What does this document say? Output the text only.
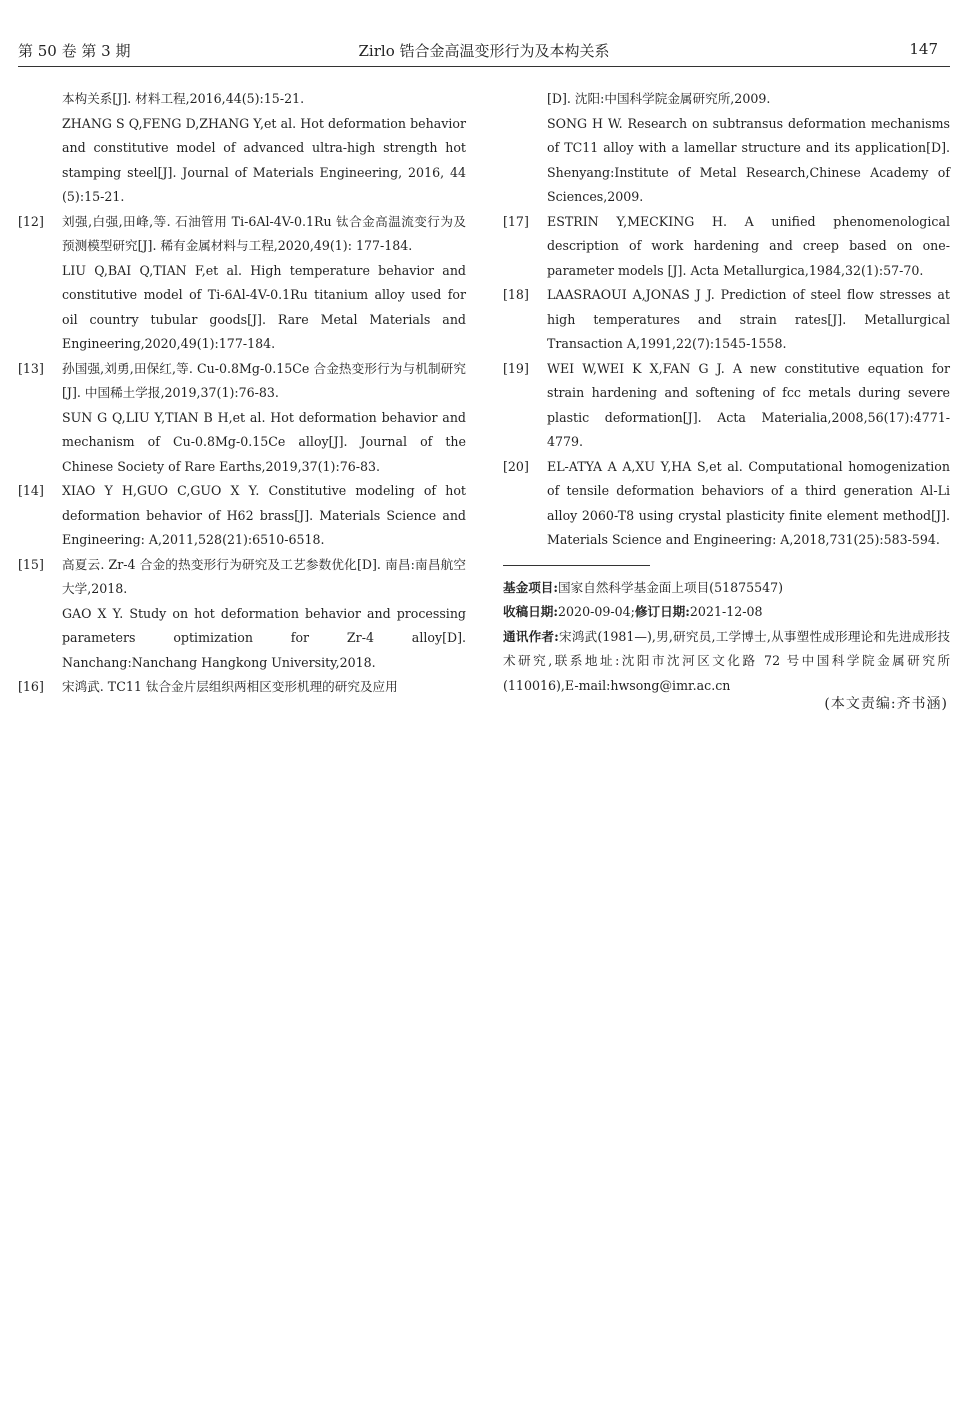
第 50 卷 第 3 期	Zirlo 锆合金高温变形行为及本构关系	147
本构关系[J]. 材料工程,2016,44(5):15-21.
ZHANG S Q,FENG D,ZHANG Y,et al. Hot deformation behavior and constitutive model of advanced ultra-high strength hot stamping steel[J]. Journal of Materials Engineering, 2016, 44 (5):15-21.
[12]	刘强,白强,田峰,等. 石油管用 Ti-6Al-4V-0.1Ru 钛合金高温流变行为及预测模型研究[J]. 稀有金属材料与工程,2020,49(1): 177-184.
LIU Q,BAI Q,TIAN F,et al. High temperature behavior and constitutive model of Ti-6Al-4V-0.1Ru titanium alloy used for oil country tubular goods[J]. Rare Metal Materials and Engineering,2020,49(1):177-184.
[13]	孙国强,刘勇,田保红,等. Cu-0.8Mg-0.15Ce 合金热变形行为与机制研究[J]. 中国稀土学报,2019,37(1):76-83.
SUN G Q,LIU Y,TIAN B H,et al. Hot deformation behavior and mechanism of Cu-0.8Mg-0.15Ce alloy[J]. Journal of the Chinese Society of Rare Earths,2019,37(1):76-83.
[14]	XIAO Y H,GUO C,GUO X Y. Constitutive modeling of hot deformation behavior of H62 brass[J]. Materials Science and Engineering: A,2011,528(21):6510-6518.
[15]	高夏云. Zr-4 合金的热变形行为研究及工艺参数优化[D]. 南昌:南昌航空大学,2018.
GAO X Y. Study on hot deformation behavior and processing parameters optimization for Zr-4 alloy[D]. Nanchang:Nanchang Hangkong University,2018.
[16]	宋鸿武. TC11 钛合金片层组织两相区变形机理的研究及应用
[D]. 沈阳:中国科学院金属研究所,2009.
SONG H W. Research on subtransus deformation mechanisms of TC11 alloy with a lamellar structure and its application[D]. Shenyang:Institute of Metal Research,Chinese Academy of Sciences,2009.
[17]	ESTRIN Y,MECKING H. A unified phenomenological description of work hardening and creep based on one-parameter models [J]. Acta Metallurgica,1984,32(1):57-70.
[18]	LAASRAOUI A,JONAS J J. Prediction of steel flow stresses at high temperatures and strain rates[J]. Metallurgical Transaction A,1991,22(7):1545-1558.
[19]	WEI W,WEI K X,FAN G J. A new constitutive equation for strain hardening and softening of fcc metals during severe plastic deformation[J]. Acta Materialia,2008,56(17):4771-4779.
[20]	EL-ATYA A A,XU Y,HA S,et al. Computational homogenization of tensile deformation behaviors of a third generation Al-Li alloy 2060-T8 using crystal plasticity finite element method[J]. Materials Science and Engineering: A,2018,731(25):583-594.

基金项目:国家自然科学基金面上项目(51875547)

收稿日期:2020-09-04;修订日期:2021-12-08

通讯作者:宋鸿武(1981—),男,研究员,工学博士,从事塑性成形理论和先进成形技术研究,联系地址:沈阳市沈河区文化路 72 号中国科学院金属研究所(110016),E-mail:hwsong@imr.ac.cn

(本文责编:齐书涵)
